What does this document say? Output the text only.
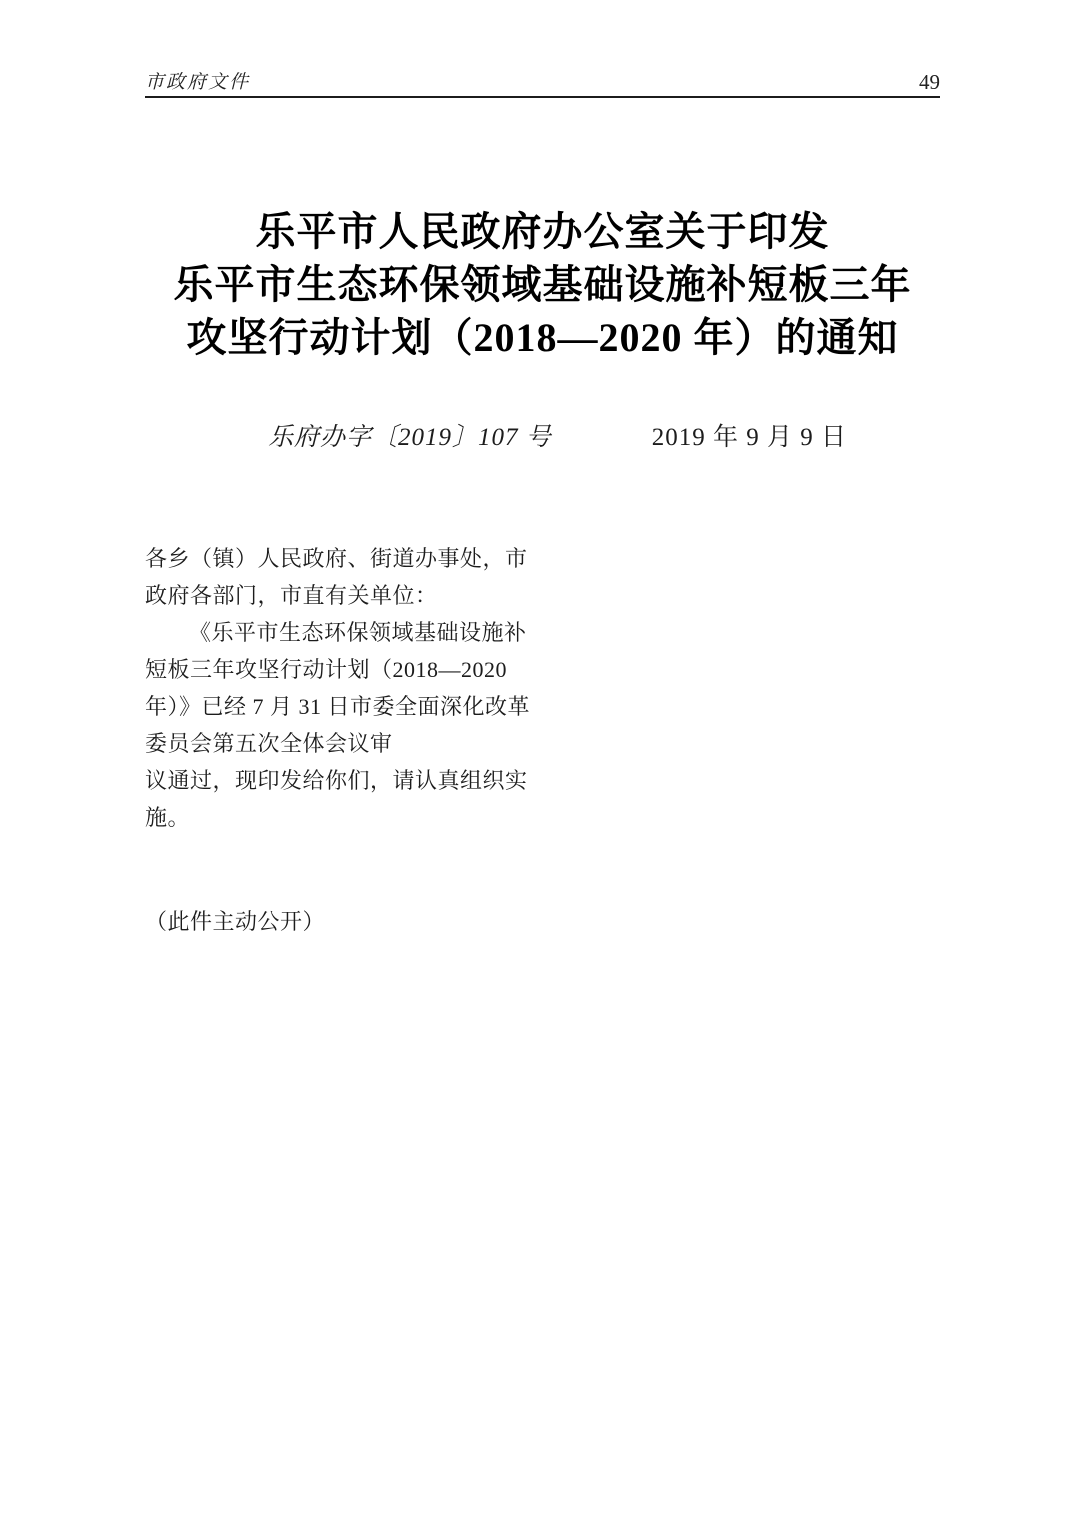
市政府文件	49
乐平市人民政府办公室关于印发
乐平市生态环保领域基础设施补短板三年
攻坚行动计划（2018—2020 年）的通知
乐府办字〔2019〕107 号	2019 年 9 月 9 日
各乡（镇）人民政府、街道办事处，市
政府各部门，市直有关单位：
《乐平市生态环保领域基础设施补
短板三年攻坚行动计划（2018—2020
年）》已经 7 月 31 日市委全面深化改革
委员会第五次全体会议审
议通过，现印发给你们，请认真组织实
施。
（此件主动公开）
